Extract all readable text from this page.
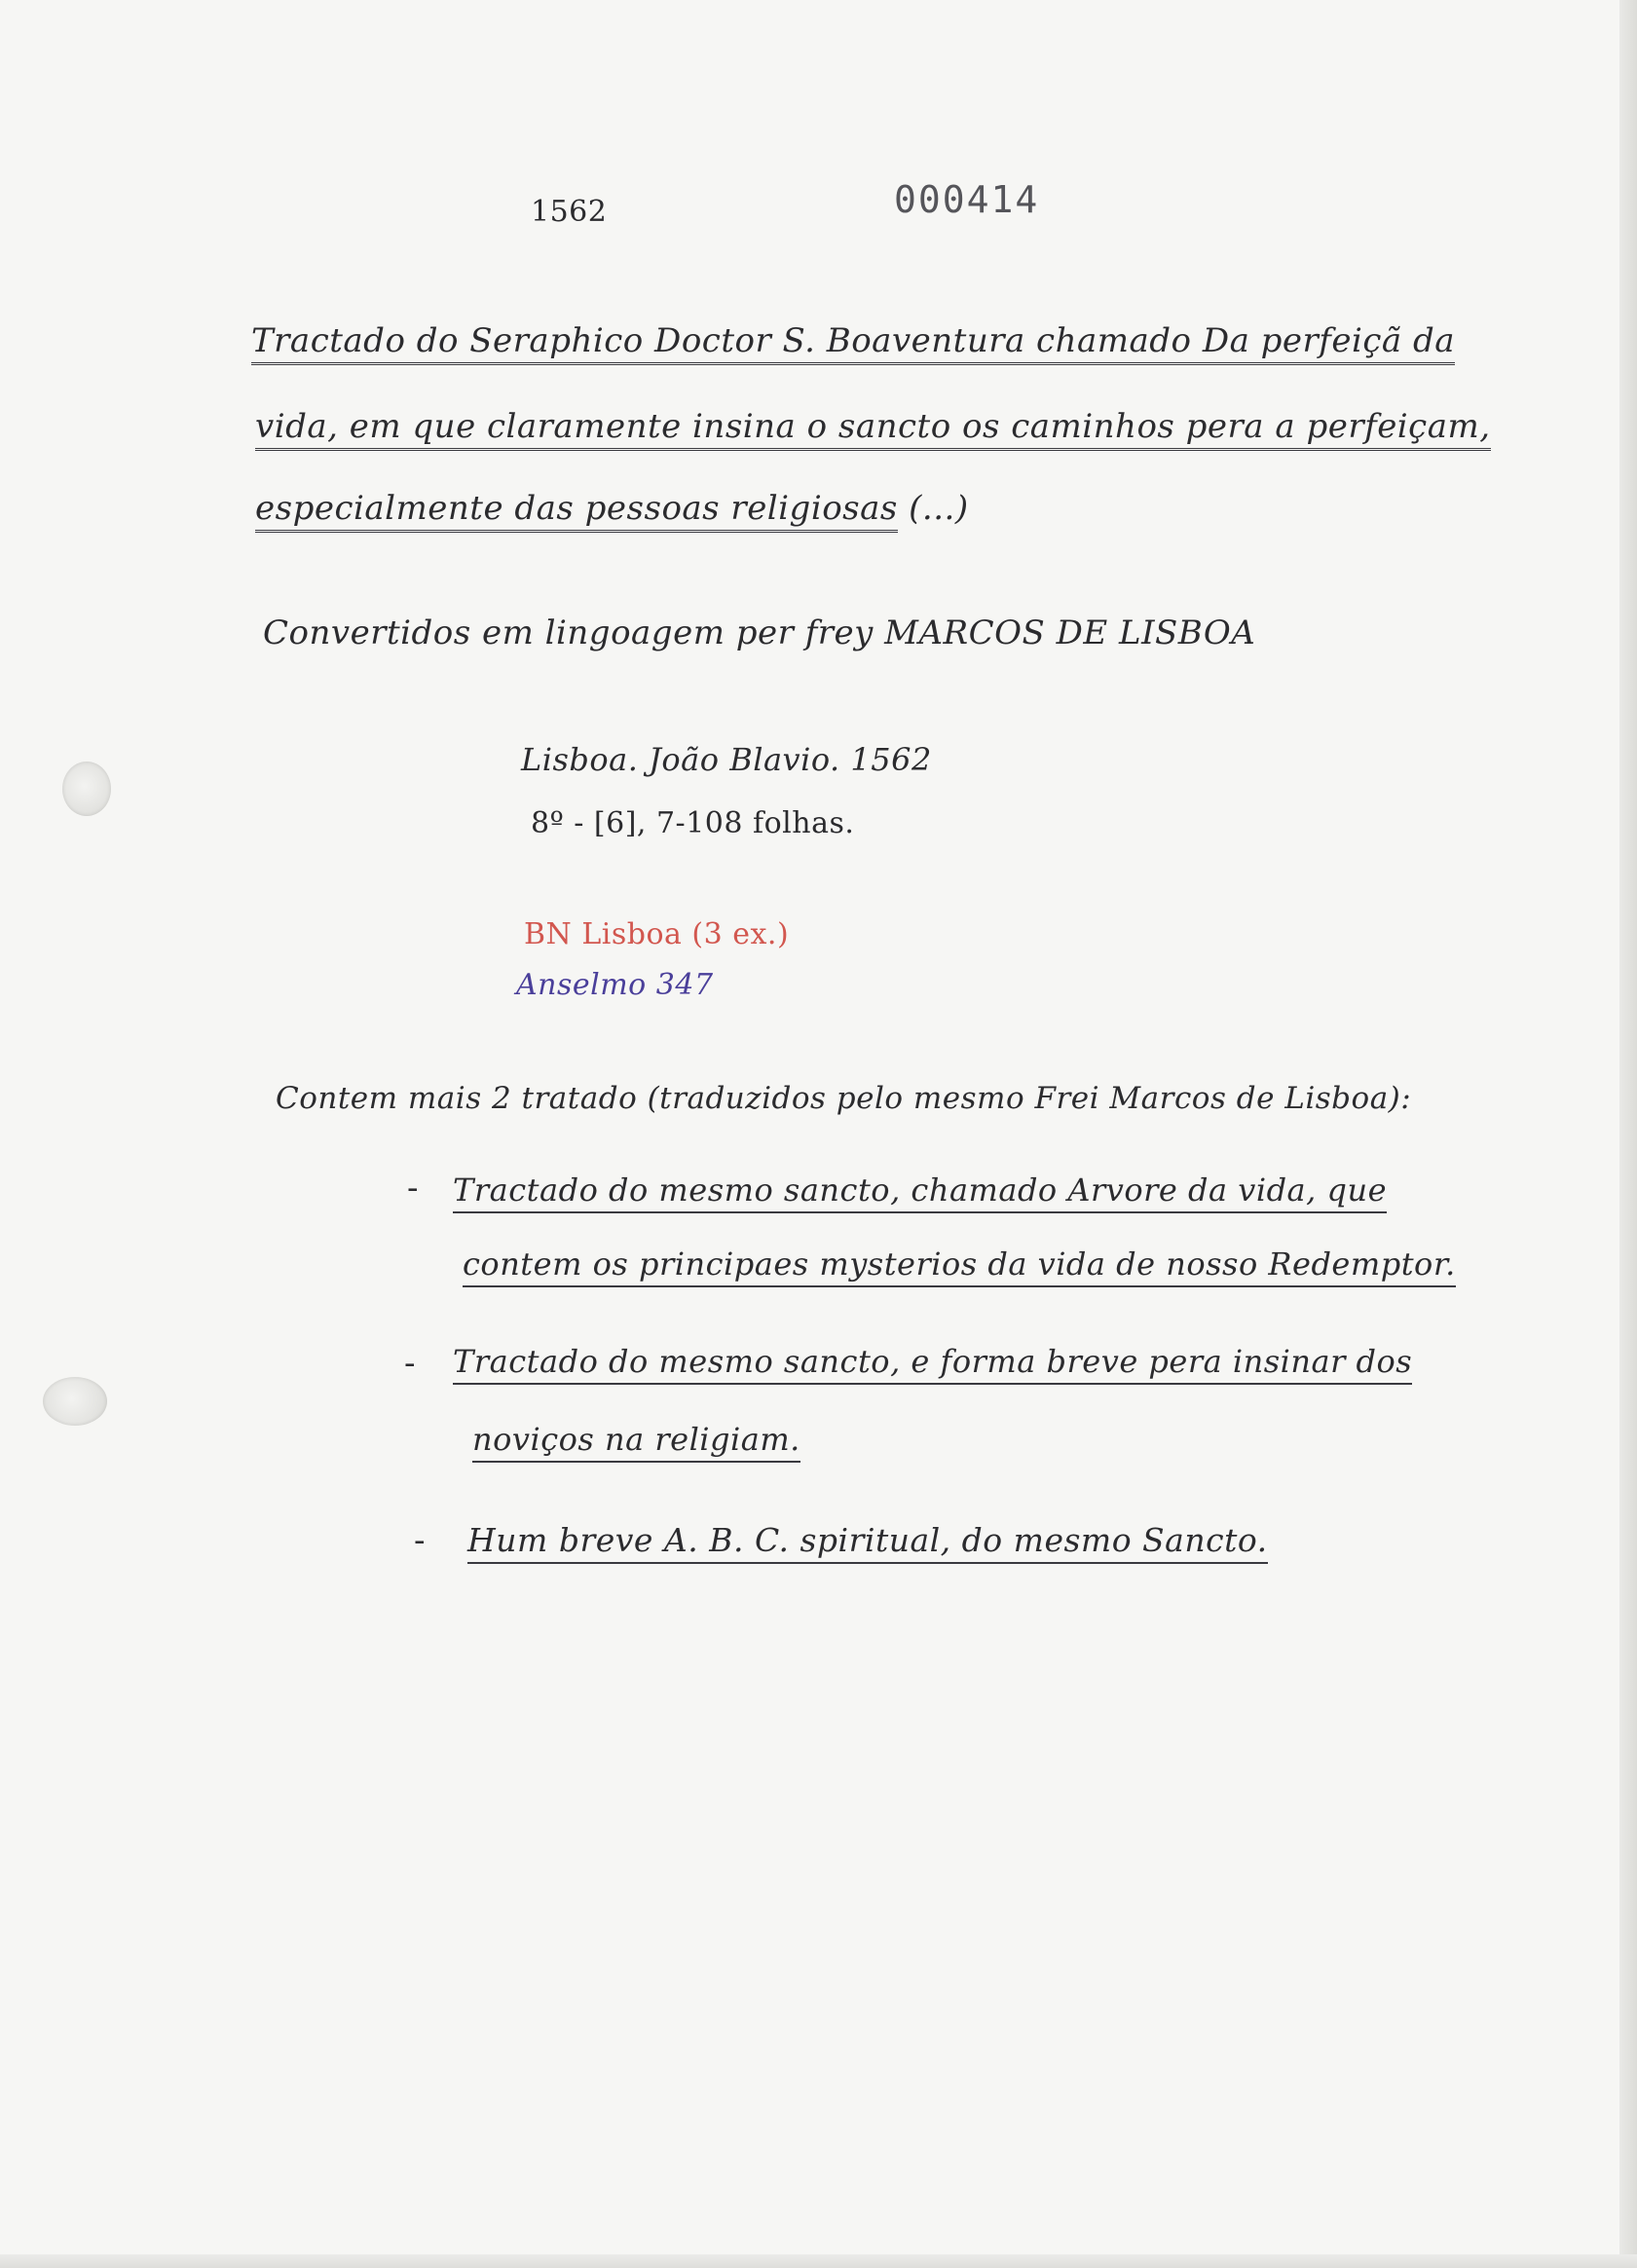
1562	000414
Tractado do Seraphico Doctor S. Boaventura chamado Da perfeiçã da
vida, em que claramente insina o sancto os caminhos pera a perfeiçam,
especialmente das pessoas religiosas (...)
Convertidos em lingoagem per frey MARCOS DE LISBOA
Lisboa. João Blavio. 1562
8º - [6], 7-108 folhas.
BN Lisboa (3 ex.)
Anselmo 347
Contem mais 2 tratado (traduzidos pelo mesmo Frei Marcos de Lisboa):
- Tractado do mesmo sancto, chamado Arvore da vida, que
contem os principaes mysterios da vida de nosso Redemptor.
- Tractado do mesmo sancto, e forma breve pera insinar dos
noviços na religiam.
- Hum breve A. B. C. spiritual, do mesmo Sancto.
